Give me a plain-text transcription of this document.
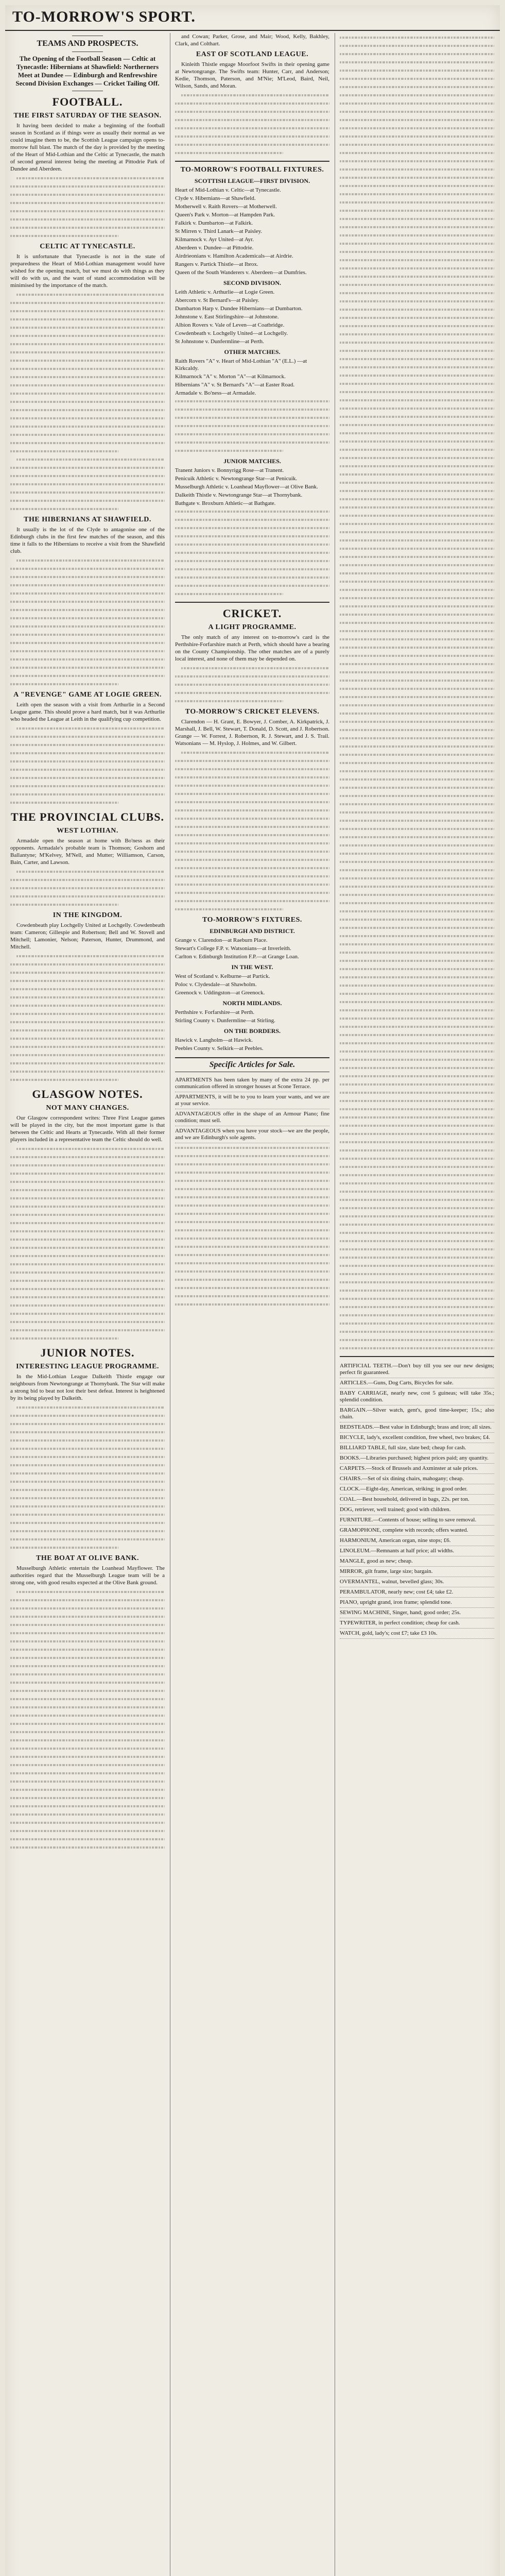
TO-MORROW'S SPORT.
TEAMS AND PROSPECTS.
The Opening of the Football Season — Celtic at Tynecastle: Hibernians at Shawfield: Northerners Meet at Dundee — Edinburgh and Renfrewshire Second Division Exchanges — Cricket Tailing Off.
FOOTBALL.
THE FIRST SATURDAY OF THE SEASON.

It having been decided to make a beginning of the football season in Scotland as if things were as usually their normal as we could imagine them to be, the Scottish League campaign opens to-morrow full blast. The match of the day is provided by the meeting of the Heart of Mid-Lothian and the Celtic at Tynecastle, the match of second general interest being the meeting at Pittodrie Park of Dundee and Aberdeen.

CELTIC AT TYNECASTLE.

It is unfortunate that Tynecastle is not in the state of preparedness the Heart of Mid-Lothian management would have wished for the opening match, but we must do with things as they will do with us, and the want of stand accommodation will be minimised by the importance of the match.

THE HIBERNIANS AT SHAWFIELD.

It usually is the lot of the Clyde to antagonise one of the Edinburgh clubs in the first few matches of the season, and this time it falls to the Hibernians to receive a visit from the Shawfield club.

A "REVENGE" GAME AT LOGIE GREEN.

Leith open the season with a visit from Arthurlie in a Second League game. This should prove a hard match, but it was Arthurlie who headed the League at Leith in the qualifying cup competition.

THE PROVINCIAL CLUBS.
WEST LOTHIAN.

Armadale open the season at home with Bo'ness as their opponents. Armadale's probable team is Thomson; Goshorn and Ballantyne; M'Kelvey, M'Nell, and Mutter; Williamson, Carson, Bain, Carter, and Lawson.

IN THE KINGDOM.

Cowdenbeath play Lochgelly United at Lochgelly. Cowdenbeath team: Cameron; Gillespie and Robertson; Bell and W. Stovell and Mitchell; Lamonier, Nelson; Paterson, Hunter, Drummond, and Mitchell.

GLASGOW NOTES.
NOT MANY CHANGES.

Our Glasgow correspondent writes: Three First League games will be played in the city, but the most important game is that between the Celtic and Hearts at Tynecastle. With all their former players included in a representative team the Celtic should do well.

JUNIOR NOTES.
INTERESTING LEAGUE PROGRAMME.

In the Mid-Lothian League Dalkeith Thistle engage our neighbours from Newtongrange at Thornybank. The Star will make a strong bid to beat not lost their best defeat. Interest is heightened by its being played by Dalkeith.

THE BOAT AT OLIVE BANK.

Musselburgh Athletic entertain the Loanhead Mayflower. The authorities regard that the Musselburgh League team will be a strong one, with good results expected at the Olive Bank ground.

and Cowan; Parker, Grose, and Mair; Wood, Kelly, Bakhley, Clark, and Colthart.

EAST OF SCOTLAND LEAGUE.

Kinleith Thistle engage Moorfoot Swifts in their opening game at Newtongrange. The Swifts team: Hunter, Carr, and Anderson; Kedie, Thomson, Paterson, and M'Nie; M'Leod, Baird, Neil, Wilson, Sands, and Moran.

TO-MORROW'S FOOTBALL FIXTURES.
SCOTTISH LEAGUE—FIRST DIVISION.
Heart of Mid-Lothian v. Celtic—at Tynecastle.
Clyde v. Hibernians—at Shawfield.
Motherwell v. Raith Rovers—at Motherwell.
Queen's Park v. Morton—at Hampden Park.
Falkirk v. Dumbarton—at Falkirk.
St Mirren v. Third Lanark—at Paisley.
Kilmarnock v. Ayr United—at Ayr.
Aberdeen v. Dundee—at Pittodrie.
Airdrieonians v. Hamilton Academicals—at Airdrie.
Rangers v. Partick Thistle—at Ibrox.
Queen of the South Wanderers v. Aberdeen—at Dumfries.
SECOND DIVISION.
Leith Athletic v. Arthurlie—at Logie Green.
Abercorn v. St Bernard's—at Paisley.
Dumbarton Harp v. Dundee Hibernians—at Dumbarton.
Johnstone v. East Stirlingshire—at Johnstone.
Albion Rovers v. Vale of Leven—at Coatbridge.
Cowdenbeath v. Lochgelly United—at Lochgelly.
St Johnstone v. Dunfermline—at Perth.
OTHER MATCHES.
Raith Rovers "A" v. Heart of Mid-Lothian "A" (E.L.) —at Kirkcaldy.
Kilmarnock "A" v. Morton "A"—at Kilmarnock.
Hibernians "A" v. St Bernard's "A"—at Easter Road.
Armadale v. Bo'ness—at Armadale.
JUNIOR MATCHES.
Tranent Juniors v. Bonnyrigg Rose—at Tranent.
Penicuik Athletic v. Newtongrange Star—at Penicuik.
Musselburgh Athletic v. Loanhead Mayflower—at Olive Bank.
Dalkeith Thistle v. Newtongrange Star—at Thornybank.
Bathgate v. Broxburn Athletic—at Bathgate.
CRICKET.
A LIGHT PROGRAMME.

The only match of any interest on to-morrow's card is the Perthshire-Forfarshire match at Perth, which should have a bearing on the County Championship. The other matches are of a purely local interest, and none of them may be depended on.

TO-MORROW'S CRICKET ELEVENS.

Clarendon — H. Grant, E. Bowyer, J. Comber, A. Kirkpatrick, J. Marshall, J. Bell, W. Stewart, T. Donald, D. Scott, and J. Robertson. Grange — W. Forrest, J. Robertson, R. J. Stewart, and J. S. Trail. Watsonians — M. Hyslop, J. Holmes, and W. Gilbert.

TO-MORROW'S FIXTURES.
EDINBURGH AND DISTRICT.
Grange v. Clarendon—at Raeburn Place.
Stewart's College F.P. v. Watsonians—at Inverleith.
Carlton v. Edinburgh Institution F.P.—at Grange Loan.
IN THE WEST.
West of Scotland v. Kelburne—at Partick.
Poloc v. Clydesdale—at Shawholm.
Greenock v. Uddingston—at Greenock.
NORTH MIDLANDS.
Perthshire v. Forfarshire—at Perth.
Stirling County v. Dunfermline—at Stirling.
ON THE BORDERS.
Hawick v. Langholm—at Hawick.
Peebles County v. Selkirk—at Peebles.
Specific Articles for Sale.
APARTMENTS has been taken by many of the extra 24 pp. per communication offered in stronger houses at Scone Terrace.
APPARTMENTS, it will be to you to learn your wants, and we are at your service.
ADVANTAGEOUS offer in the shape of an Armour Piano; fine condition; must sell.
ADVANTAGEOUS when you have your stock—we are the people, and we are Edinburgh's sole agents.
ARTIFICIAL TEETH.—Don't buy till you see our new designs; perfect fit guaranteed.
ARTICLES.—Guns, Dog Carts, Bicycles for sale.
BABY CARRIAGE, nearly new, cost 5 guineas; will take 35s.; splendid condition.
BARGAIN.—Silver watch, gent's, good time-keeper; 15s.; also chain.
BEDSTEADS.—Best value in Edinburgh; brass and iron; all sizes.
BICYCLE, lady's, excellent condition, free wheel, two brakes; £4.
BILLIARD TABLE, full size, slate bed; cheap for cash.
BOOKS.—Libraries purchased; highest prices paid; any quantity.
CARPETS.—Stock of Brussels and Axminster at sale prices.
CHAIRS.—Set of six dining chairs, mahogany; cheap.
CLOCK.—Eight-day, American, striking; in good order.
COAL.—Best household, delivered in bags, 22s. per ton.
DOG, retriever, well trained; good with children.
FURNITURE.—Contents of house; selling to save removal.
GRAMOPHONE, complete with records; offers wanted.
HARMONIUM, American organ, nine stops; £6.
LINOLEUM.—Remnants at half price; all widths.
MANGLE, good as new; cheap.
MIRROR, gilt frame, large size; bargain.
OVERMANTEL, walnut, bevelled glass; 30s.
PERAMBULATOR, nearly new; cost £4; take £2.
PIANO, upright grand, iron frame; splendid tone.
SEWING MACHINE, Singer, hand; good order; 25s.
TYPEWRITER, in perfect condition; cheap for cash.
WATCH, gold, lady's; cost £7; take £3 10s.
